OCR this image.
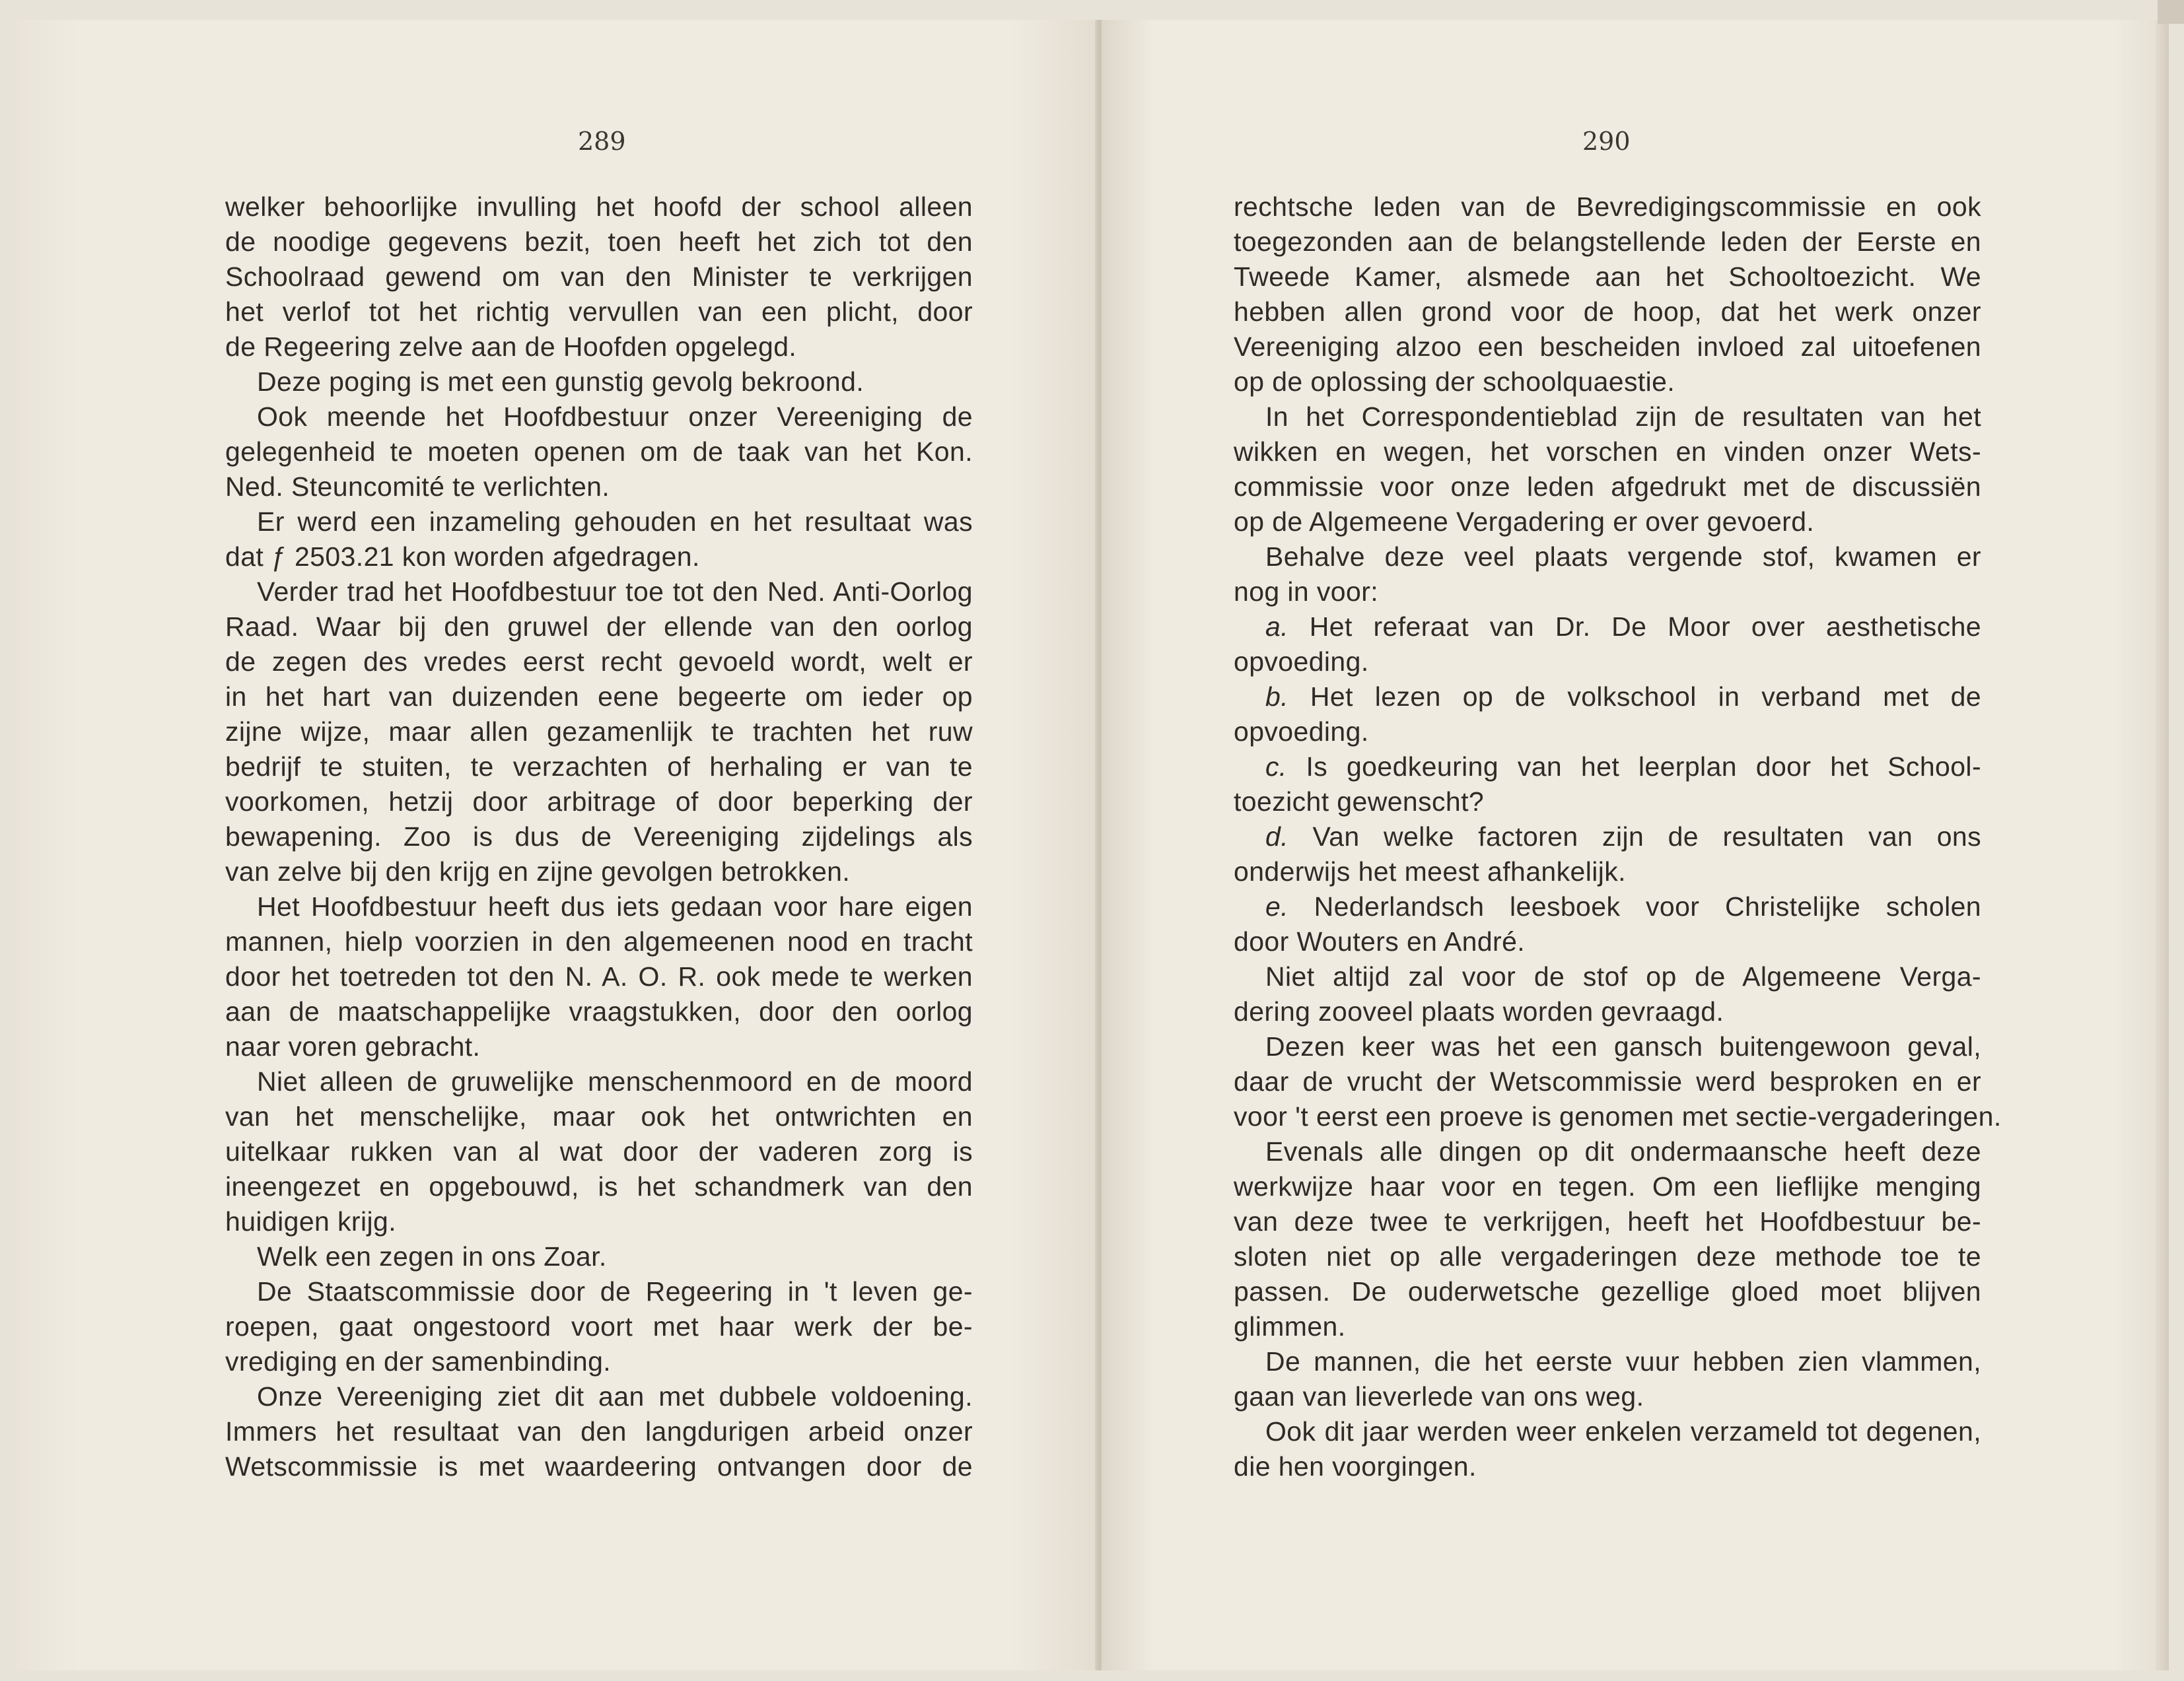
289	290
welker behoorlijke invulling het hoofd der school alleen
de noodige gegevens bezit, toen heeft het zich tot den
Schoolraad gewend om van den Minister te verkrijgen
het verlof tot het richtig vervullen van een plicht, door
de Regeering zelve aan de Hoofden opgelegd.
Deze poging is met een gunstig gevolg bekroond.
Ook meende het Hoofdbestuur onzer Vereeniging de
gelegenheid te moeten openen om de taak van het Kon.
Ned. Steuncomité te verlichten.
Er werd een inzameling gehouden en het resultaat was
dat ƒ 2503.21 kon worden afgedragen.
Verder trad het Hoofdbestuur toe tot den Ned. Anti-Oorlog
Raad. Waar bij den gruwel der ellende van den oorlog
de zegen des vredes eerst recht gevoeld wordt, welt er
in het hart van duizenden eene begeerte om ieder op
zijne wijze, maar allen gezamenlijk te trachten het ruw
bedrijf te stuiten, te verzachten of herhaling er van te
voorkomen, hetzij door arbitrage of door beperking der
bewapening. Zoo is dus de Vereeniging zijdelings als
van zelve bij den krijg en zijne gevolgen betrokken.
Het Hoofdbestuur heeft dus iets gedaan voor hare eigen
mannen, hielp voorzien in den algemeenen nood en tracht
door het toetreden tot den N. A. O. R. ook mede te werken
aan de maatschappelijke vraagstukken, door den oorlog
naar voren gebracht.
Niet alleen de gruwelijke menschenmoord en de moord
van het menschelijke, maar ook het ontwrichten en
uitelkaar rukken van al wat door der vaderen zorg is
ineengezet en opgebouwd, is het schandmerk van den
huidigen krijg.
Welk een zegen in ons Zoar.
De Staatscommissie door de Regeering in 't leven ge-
roepen, gaat ongestoord voort met haar werk der be-
vrediging en der samenbinding.
Onze Vereeniging ziet dit aan met dubbele voldoening.
Immers het resultaat van den langdurigen arbeid onzer
Wetscommissie is met waardeering ontvangen door de
rechtsche leden van de Bevredigingscommissie en ook
toegezonden aan de belangstellende leden der Eerste en
Tweede Kamer, alsmede aan het Schooltoezicht. We
hebben allen grond voor de hoop, dat het werk onzer
Vereeniging alzoo een bescheiden invloed zal uitoefenen
op de oplossing der schoolquaestie.
In het Correspondentieblad zijn de resultaten van het
wikken en wegen, het vorschen en vinden onzer Wets-
commissie voor onze leden afgedrukt met de discussiën
op de Algemeene Vergadering er over gevoerd.
Behalve deze veel plaats vergende stof, kwamen er
nog in voor:
a. Het referaat van Dr. De Moor over aesthetische
opvoeding.
b. Het lezen op de volkschool in verband met de
opvoeding.
c. Is goedkeuring van het leerplan door het School-
toezicht gewenscht?
d. Van welke factoren zijn de resultaten van ons
onderwijs het meest afhankelijk.
e. Nederlandsch leesboek voor Christelijke scholen
door Wouters en André.
Niet altijd zal voor de stof op de Algemeene Verga-
dering zooveel plaats worden gevraagd.
Dezen keer was het een gansch buitengewoon geval,
daar de vrucht der Wetscommissie werd besproken en er
voor 't eerst een proeve is genomen met sectie-vergaderingen.
Evenals alle dingen op dit ondermaansche heeft deze
werkwijze haar voor en tegen. Om een lieflijke menging
van deze twee te verkrijgen, heeft het Hoofdbestuur be-
sloten niet op alle vergaderingen deze methode toe te
passen. De ouderwetsche gezellige gloed moet blijven
glimmen.
De mannen, die het eerste vuur hebben zien vlammen,
gaan van lieverlede van ons weg.
Ook dit jaar werden weer enkelen verzameld tot degenen,
die hen voorgingen.
